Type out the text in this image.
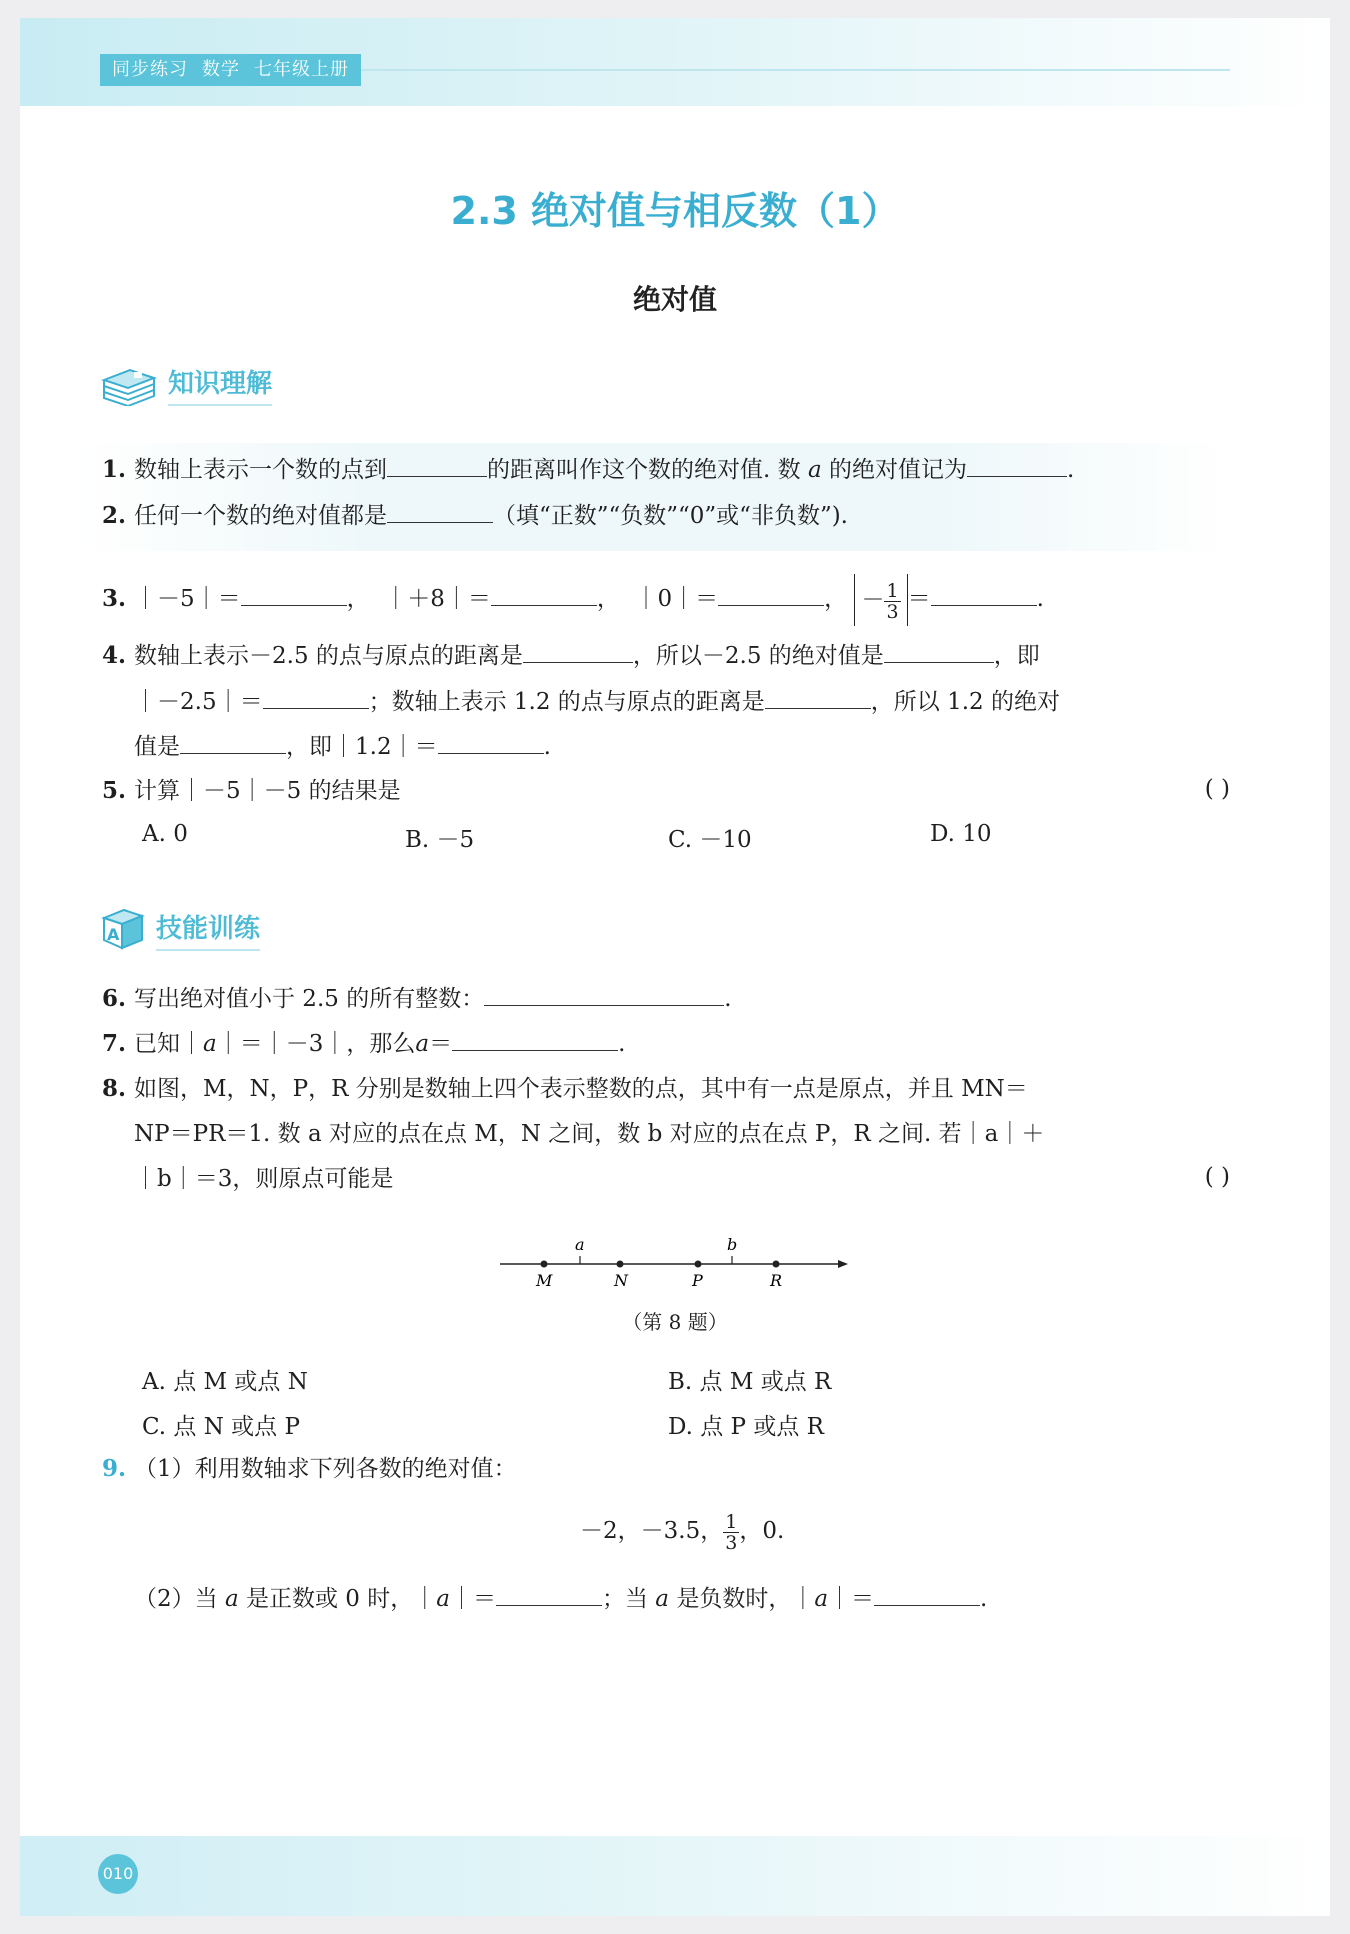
同步练习 数学 七年级上册
2.3 绝对值与相反数（1）
绝对值
知识理解
1. 数轴上表示一个数的点到	的距离叫作这个数的绝对值. 数 a 的绝对值记为	.
2. 任何一个数的绝对值都是	（填“正数”“负数”“0”或“非负数”).
3. ｜－5｜＝	， ｜＋8｜＝	， ｜0｜＝	， － $\frac{1}{3}$ ＝	.
4. 数轴上表示－2.5 的点与原点的距离是	，所以－2.5 的绝对值是	，即
｜－2.5｜＝	；数轴上表示 1.2 的点与原点的距离是	，所以 1.2 的绝对
值是	，即｜1.2｜＝	.
5. 计算｜－5｜－5 的结果是	( )
A. 0	B. －5	C. －10	D. 10
A 技能训练
6. 写出绝对值小于 2.5 的所有整数：	.
7. 已知｜a｜＝｜－3｜，那么a＝	.
8. 如图，M，N，P，R 分别是数轴上四个表示整数的点，其中有一点是原点，并且 MN＝
NP＝PR＝1. 数 a 对应的点在点 M，N 之间，数 b 对应的点在点 P，R 之间. 若｜a｜＋
｜b｜＝3，则原点可能是	( )
a	b
M	N	P	R
（第 8 题）
A. 点 M 或点 N	B. 点 M 或点 R
C. 点 N 或点 P	D. 点 P 或点 R
9. （1）利用数轴求下列各数的绝对值：
－2，－3.5， $\frac{1}{3}$ ，0.
（2）当 a 是正数或 0 时，｜a｜＝	；当 a 是负数时，｜a｜＝	.
010
